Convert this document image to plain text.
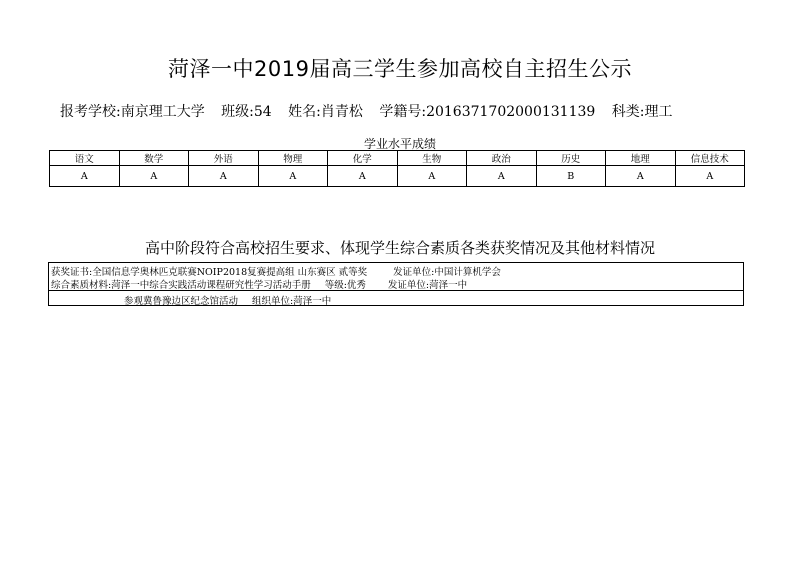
菏泽一中2019届高三学生参加高校自主招生公示
报考学校:南京理工大学 班级:54 姓名:肖青松 学籍号:2016371702000131139 科类:理工
学业水平成绩
语文	数学	外语	物理	化学	生物	政治	历史	地理	信息技术
A	A	A	A	A	A	A	B	A	A
高中阶段符合高校招生要求、体现学生综合素质各类获奖情况及其他材料情况
获奖证书:全国信息学奥林匹克联赛NOIP2018复赛提高组 山东赛区 贰等奖	发证单位:中国计算机学会
综合素质材料:菏泽一中综合实践活动课程研究性学习活动手册 等级:优秀 发证单位:菏泽一中
参观冀鲁豫边区纪念馆活动 组织单位:菏泽一中
